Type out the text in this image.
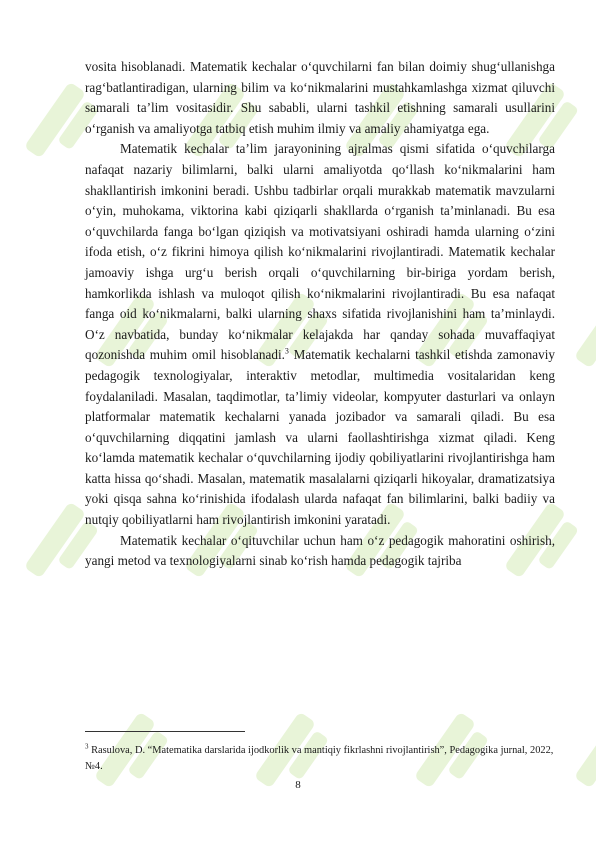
vosita hisoblanadi. Matematik kechalar o‘quvchilarni fan bilan doimiy shug‘ullanishga rag‘batlantiradigan, ularning bilim va ko‘nikmalarini mustahkamlashga xizmat qiluvchi samarali ta’lim vositasidir. Shu sababli, ularni tashkil etishning samarali usullarini o‘rganish va amaliyotga tatbiq etish muhim ilmiy va amaliy ahamiyatga ega.

Matematik kechalar ta’lim jarayonining ajralmas qismi sifatida o‘quvchilarga nafaqat nazariy bilimlarni, balki ularni amaliyotda qo‘llash ko‘nikmalarini ham shakllantirish imkonini beradi. Ushbu tadbirlar orqali murakkab matematik mavzularni o‘yin, muhokama, viktorina kabi qiziqarli shakllarda o‘rganish ta’minlanadi. Bu esa o‘quvchilarda fanga bo‘lgan qiziqish va motivatsiyani oshiradi hamda ularning o‘zini ifoda etish, o‘z fikrini himoya qilish ko‘nikmalarini rivojlantiradi. Matematik kechalar jamoaviy ishga urg‘u berish orqali o‘quvchilarning bir-biriga yordam berish, hamkorlikda ishlash va muloqot qilish ko‘nikmalarini rivojlantiradi. Bu esa nafaqat fanga oid ko‘nikmalarni, balki ularning shaxs sifatida rivojlanishini ham ta’minlaydi. O‘z navbatida, bunday ko‘nikmalar kelajakda har qanday sohada muvaffaqiyat qozonishda muhim omil hisoblanadi.$^3$ Matematik kechalarni tashkil etishda zamonaviy pedagogik texnologiyalar, interaktiv metodlar, multimedia vositalaridan keng foydalaniladi. Masalan, taqdimotlar, ta’limiy videolar, kompyuter dasturlari va onlayn platformalar matematik kechalarni yanada jozibador va samarali qiladi. Bu esa o‘quvchilarning diqqatini jamlash va ularni faollashtirishga xizmat qiladi. Keng ko‘lamda matematik kechalar o‘quvchilarning ijodiy qobiliyatlarini rivojlantirishga ham katta hissa qo‘shadi. Masalan, matematik masalalarni qiziqarli hikoyalar, dramatizatsiya yoki qisqa sahna ko‘rinishida ifodalash ularda nafaqat fan bilimlarini, balki badiiy va nutqiy qobiliyatlarni ham rivojlantirish imkonini yaratadi.

Matematik kechalar o‘qituvchilar uchun ham o‘z pedagogik mahoratini oshirish, yangi metod va texnologiyalarni sinab ko‘rish hamda pedagogik tajriba

$^3$ Rasulova, D. “Matematika darslarida ijodkorlik va mantiqiy fikrlashni rivojlantirish”, Pedagogika jurnal, 2022, №4.
8
